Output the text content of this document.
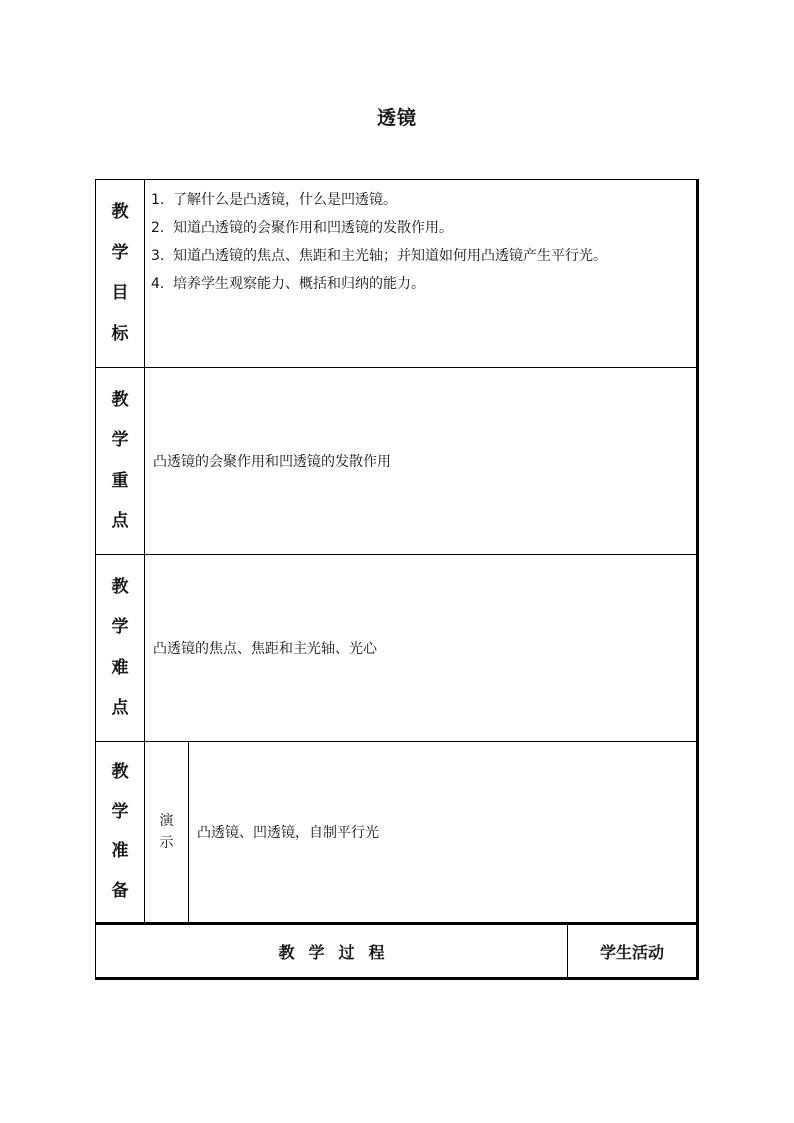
透镜
教
学
目
标
1. 了解什么是凸透镜，什么是凹透镜。
2. 知道凸透镜的会聚作用和凹透镜的发散作用。
3. 知道凸透镜的焦点、焦距和主光轴；并知道如何用凸透镜产生平行光。
4. 培养学生观察能力、概括和归纳的能力。
教
学
重
点
凸透镜的会聚作用和凹透镜的发散作用
教
学
难
点
凸透镜的焦点、焦距和主光轴、光心
教
学
准
备
演示
凸透镜、凹透镜，自制平行光
教学过程	学生活动
